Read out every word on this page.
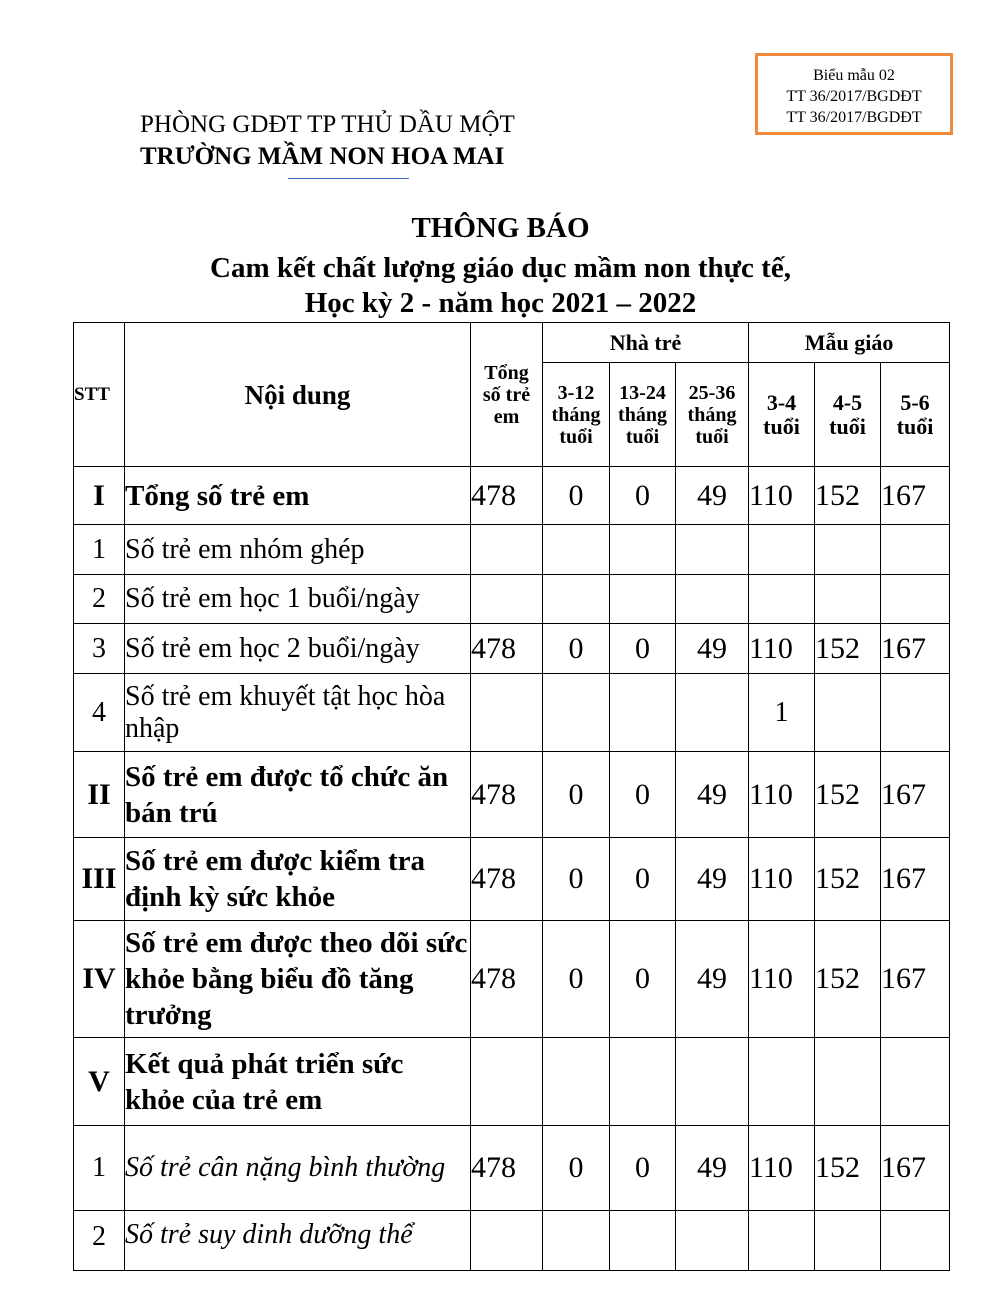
Biểu mẫu 02
TT 36/2017/BGDĐT
TT 36/2017/BGDĐT
PHÒNG GDĐT TP THỦ DẦU MỘT
TRƯỜNG MẦM NON HOA MAI
THÔNG BÁO
Cam kết chất lượng giáo dục mầm non thực tế,
Học kỳ 2 - năm học 2021 – 2022
STT	Nội dung	Tổng số trẻ em	Nhà trẻ			Mẫu giáo		
			3-12 tháng tuổi	13-24 tháng tuổi	25-36 tháng tuổi	3-4 tuổi	4-5 tuổi	5-6 tuổi
I	Tổng số trẻ em	478	0	0	49	110	152	167
1	Số trẻ em nhóm ghép							
2	Số trẻ em học 1 buổi/ngày							
3	Số trẻ em học 2 buổi/ngày	478	0	0	49	110	152	167
4	Số trẻ em khuyết tật học hòa nhập					1		
II	Số trẻ em được tổ chức ăn bán trú	478	0	0	49	110	152	167
III	Số trẻ em được kiểm tra định kỳ sức khỏe	478	0	0	49	110	152	167
IV	Số trẻ em được theo dõi sức khỏe bằng biểu đồ tăng trưởng	478	0	0	49	110	152	167
V	Kết quả phát triển sức khỏe của trẻ em							
1	Số trẻ cân nặng bình thường	478	0	0	49	110	152	167
2	Số trẻ suy dinh dưỡng thể							
